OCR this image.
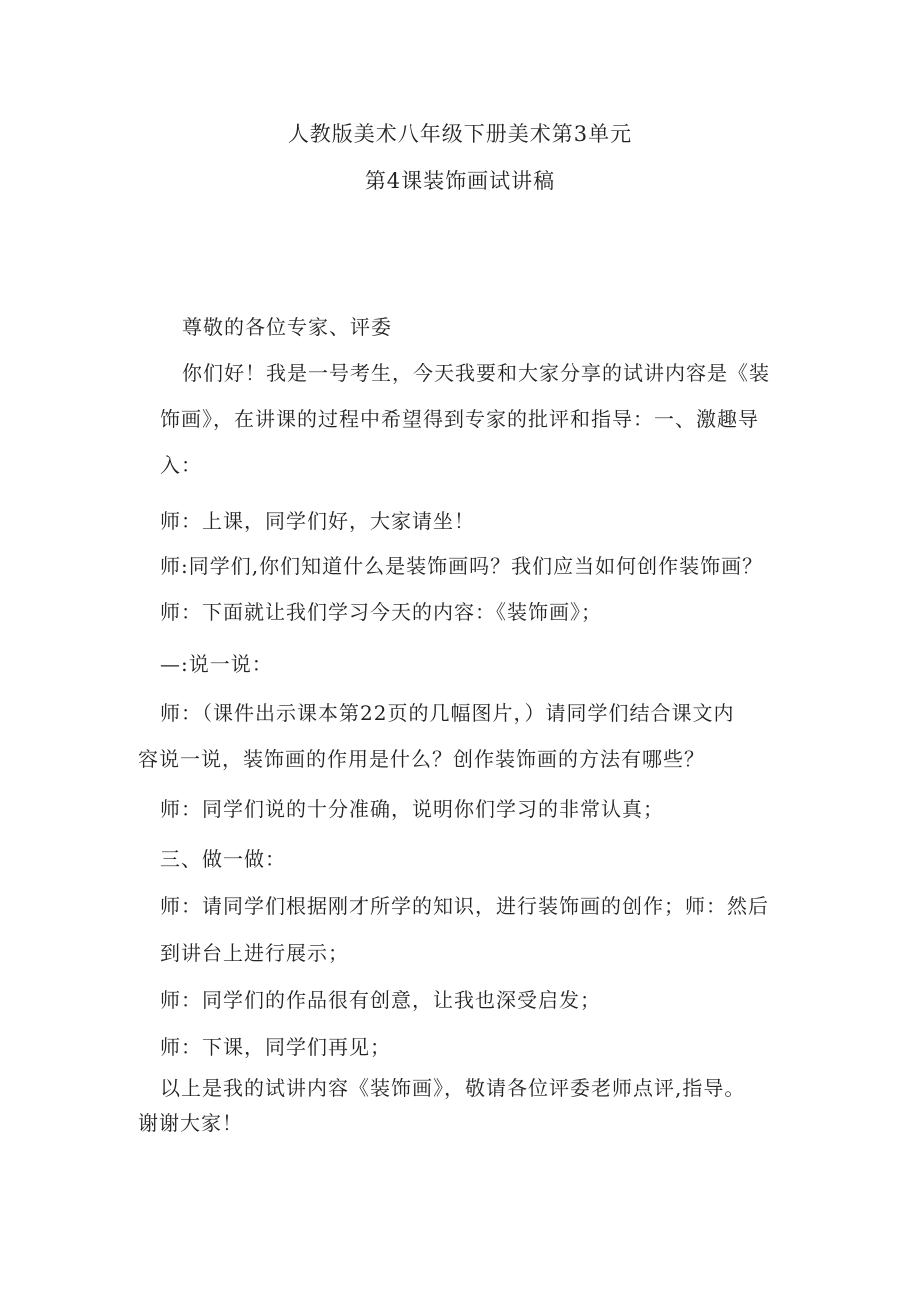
人教版美术八年级下册美术第3单元
第4课装饰画试讲稿
尊敬的各位专家、评委
你们好！我是一号考生，今天我要和大家分享的试讲内容是《装
饰画》，在讲课的过程中希望得到专家的批评和指导：一、激趣导
入：
师：上课，同学们好，大家请坐！
师:同学们,你们知道什么是装饰画吗？我们应当如何创作装饰画？
师：下面就让我们学习今天的内容：《装饰画》；
—:说一说：
师：（课件出示课本第22页的几幅图片，）请同学们结合课文内
容说一说，装饰画的作用是什么？创作装饰画的方法有哪些？
师：同学们说的十分准确，说明你们学习的非常认真；
三、做一做：
师：请同学们根据刚才所学的知识，进行装饰画的创作；师：然后
到讲台上进行展示；
师：同学们的作品很有创意，让我也深受启发；
师：下课，同学们再见；
以上是我的试讲内容《装饰画》，敬请各位评委老师点评,指导。
谢谢大家！
